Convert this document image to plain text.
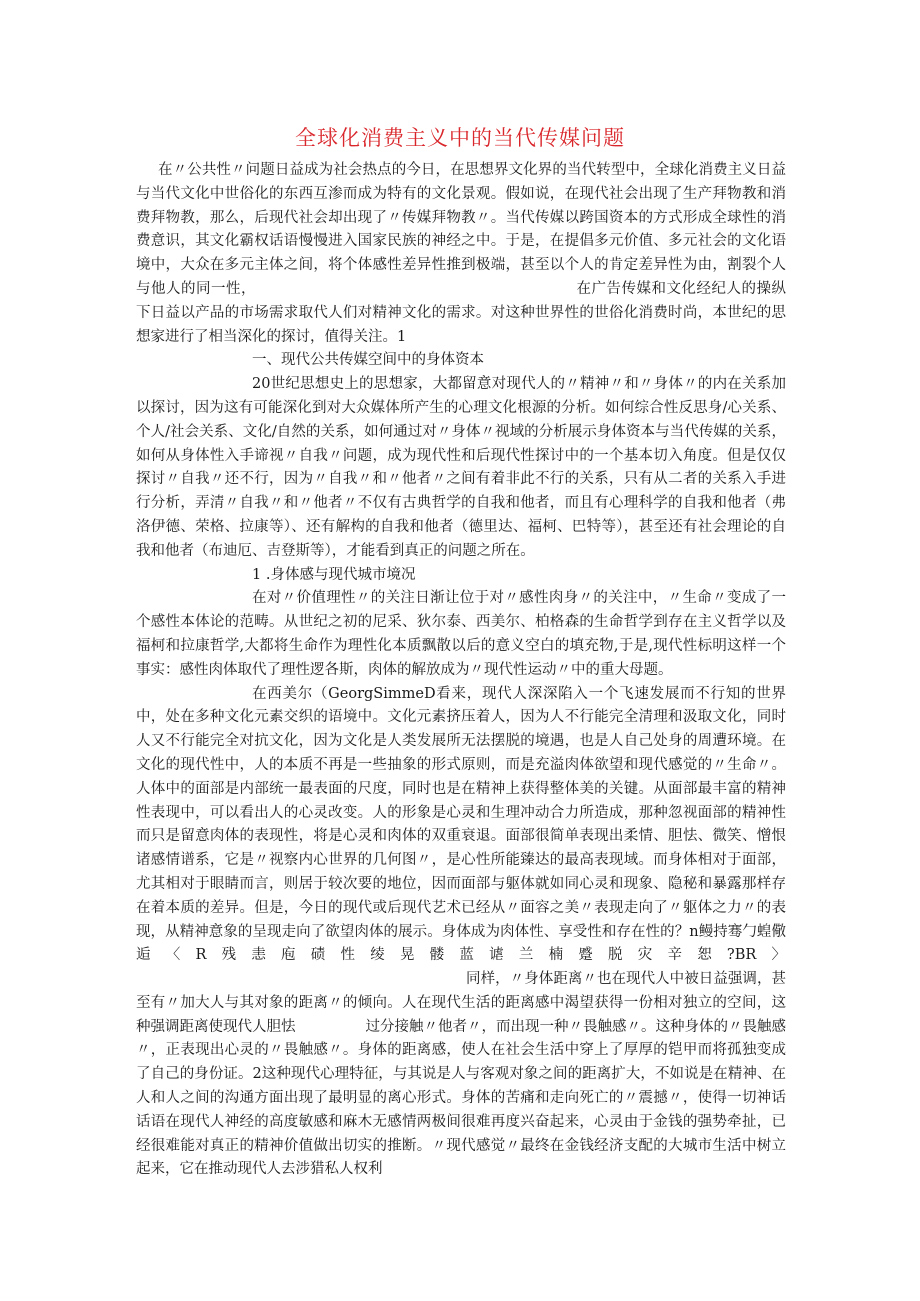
全球化消费主义中的当代传媒问题

在〃公共性〃问题日益成为社会热点的今日，在思想界文化界的当代转型中，全球化消费主义日益与当代文化中世俗化的东西互渗而成为特有的文化景观。假如说，在现代社会出现了生产拜物教和消费拜物教，那么，后现代社会却出现了〃传媒拜物教〃。当代传媒以跨国资本的方式形成全球性的消费意识，其文化霸权话语慢慢进入国家民族的神经之中。于是，在提倡多元价值、多元社会的文化语境中，大众在多元主体之间，将个体感性差异性推到极端，甚至以个人的肯定差异性为由，割裂个人与他人的同一性，	在广告传媒和文化经纪人的操纵下日益以产品的市场需求取代人们对精神文化的需求。对这种世界性的世俗化消费时尚，本世纪的思想家进行了相当深化的探讨，值得关注。1

一、现代公共传媒空间中的身体资本

20世纪思想史上的思想家，大都留意对现代人的〃精神〃和〃身体〃的内在关系加以探讨，因为这有可能深化到对大众媒体所产生的心理文化根源的分析。如何综合性反思身/心关系、个人/社会关系、文化/自然的关系，如何通过对〃身体〃视域的分析展示身体资本与当代传媒的关系，如何从身体性入手谛视〃自我〃问题，成为现代性和后现代性探讨中的一个基本切入角度。但是仅仅探讨〃自我〃还不行，因为〃自我〃和〃他者〃之间有着非此不行的关系，只有从二者的关系入手进行分析，弄清〃自我〃和〃他者〃不仅有古典哲学的自我和他者，而且有心理科学的自我和他者（弗洛伊德、荣格、拉康等）、还有解构的自我和他者（德里达、福柯、巴特等），甚至还有社会理论的自我和他者（布迪厄、吉登斯等），才能看到真正的问题之所在。

1 .身体感与现代城市境况

在对〃价值理性〃的关注日渐让位于对〃感性肉身〃的关注中，〃生命〃变成了一个感性本体论的范畴。从世纪之初的尼采、狄尔泰、西美尔、柏格森的生命哲学到存在主义哲学以及福柯和拉康哲学,大都将生命作为理性化本质飘散以后的意义空白的填充物,于是,现代性标明这样一个事实：感性肉体取代了理性逻各斯，肉体的解放成为〃现代性运动〃中的重大母题。

在西美尔（GeorgSimmeD看来，现代人深深陷入一个飞速发展而不行知的世界中，处在多种文化元素交织的语境中。文化元素挤压着人，因为人不行能完全清理和汲取文化，同时人又不行能完全对抗文化，因为文化是人类发展所无法摆脱的境遇，也是人自己处身的周遭环境。在文化的现代性中，人的本质不再是一些抽象的形式原则，而是充溢肉体欲望和现代感觉的〃生命〃。人体中的面部是内部统一最表面的尺度，同时也是在精神上获得整体美的关键。从面部最丰富的精神性表现中，可以看出人的心灵改变。人的形象是心灵和生理冲动合力所造成，那种忽视面部的精神性而只是留意肉体的表现性，将是心灵和肉体的双重衰退。面部很简单表现出柔情、胆怯、微笑、憎恨诸感情谱系，它是〃视察内心世界的几何图〃，是心性所能臻达的最高表现域。而身体相对于面部，尤其相对于眼睛而言，则居于较次要的地位，因而面部与躯体就如同心灵和现象、隐秘和暴露那样存在着本质的差异。但是，今日的现代或后现代艺术已经从〃面容之美〃表现走向了〃躯体之力〃的表现，从精神意象的呈现走向了欲望肉体的展示。身体成为肉体性、享受性和存在性的？n鳗持骞勹蝗儆逅〈R残恚庖碛性绫晃髅蓝谑兰楠蹙脱灾辛恕?BR〉同样，〃身体距离〃也在现代人中被日益强调，甚至有〃加大人与其对象的距离〃的倾向。人在现代生活的距离感中渴望获得一份相对独立的空间，这种强调距离使现代人胆怯	过分接触〃他者〃，而出现一种〃畏触感〃。这种身体的〃畏触感〃，正表现出心灵的〃畏触感〃。身体的距离感，使人在社会生活中穿上了厚厚的铠甲而将孤独变成了自己的身份证。2这种现代心理特征，与其说是人与客观对象之间的距离扩大，不如说是在精神、在人和人之间的沟通方面出现了最明显的离心形式。身体的苦痛和走向死亡的〃震撼〃，使得一切神话话语在现代人神经的高度敏感和麻木无感情两极间很难再度兴奋起来，心灵由于金钱的强势牵扯，已经很难能对真正的精神价值做出切实的推断。〃现代感觉〃最终在金钱经济支配的大城市生活中树立起来，它在推动现代人去涉猎私人权利
